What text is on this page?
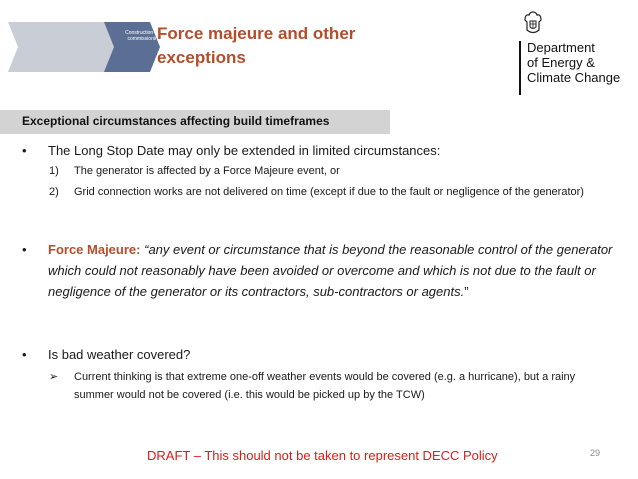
Construction and commissioning
Force majeure and other
exceptions
Department
of Energy &
Climate Change
Exceptional circumstances affecting build timeframes
• The Long Stop Date may only be extended in limited circumstances:
1) The generator is affected by a Force Majeure event, or
2) Grid connection works are not delivered on time (except if due to the fault or negligence of the generator)
• Force Majeure: “any event or circumstance that is beyond the reasonable control of the generator which could not reasonably have been avoided or overcome and which is not due to the fault or negligence of the generator or its contractors, sub-contractors or agents.”
• Is bad weather covered?
➢ Current thinking is that extreme one-off weather events would be covered (e.g. a hurricane), but a rainy summer would not be covered (i.e. this would be picked up by the TCW)
DRAFT – This should not be taken to represent DECC Policy	29
